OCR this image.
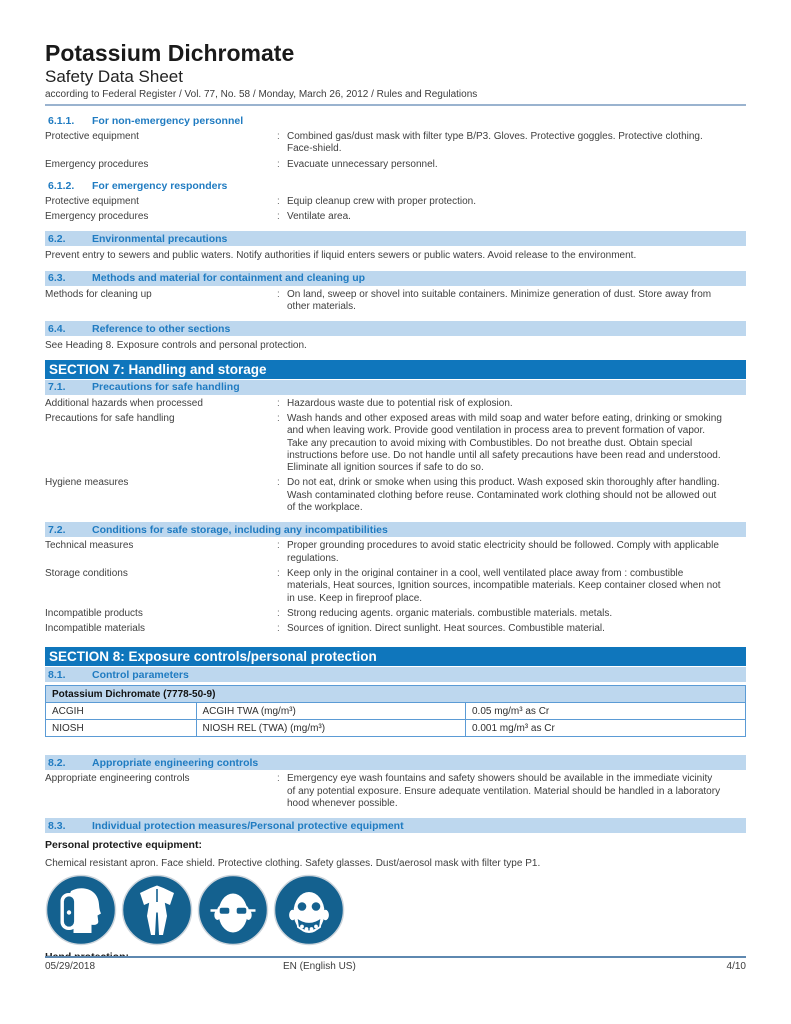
Potassium Dichromate
Safety Data Sheet
according to Federal Register / Vol. 77, No. 58 / Monday, March 26, 2012 / Rules and Regulations
6.1.1.	For non-emergency personnel
Protective equipment :	Combined gas/dust mask with filter type B/P3. Gloves. Protective goggles. Protective clothing. Face-shield.
Emergency procedures :	Evacuate unnecessary personnel.
6.1.2.	For emergency responders
Protective equipment :	Equip cleanup crew with proper protection.
Emergency procedures :	Ventilate area.
6.2.	Environmental precautions
Prevent entry to sewers and public waters. Notify authorities if liquid enters sewers or public waters. Avoid release to the environment.
6.3.	Methods and material for containment and cleaning up
Methods for cleaning up :	On land, sweep or shovel into suitable containers. Minimize generation of dust. Store away from other materials.
6.4.	Reference to other sections
See Heading 8. Exposure controls and personal protection.
SECTION 7: Handling and storage
7.1.	Precautions for safe handling
Additional hazards when processed :	Hazardous waste due to potential risk of explosion.
Precautions for safe handling :	Wash hands and other exposed areas with mild soap and water before eating, drinking or smoking and when leaving work. Provide good ventilation in process area to prevent formation of vapor. Take any precaution to avoid mixing with Combustibles. Do not breathe dust. Obtain special instructions before use. Do not handle until all safety precautions have been read and understood. Eliminate all ignition sources if safe to do so.
Hygiene measures :	Do not eat, drink or smoke when using this product. Wash exposed skin thoroughly after handling. Wash contaminated clothing before reuse. Contaminated work clothing should not be allowed out of the workplace.
7.2.	Conditions for safe storage, including any incompatibilities
Technical measures :	Proper grounding procedures to avoid static electricity should be followed. Comply with applicable regulations.
Storage conditions :	Keep only in the original container in a cool, well ventilated place away from : combustible materials, Heat sources, Ignition sources, incompatible materials. Keep container closed when not in use. Keep in fireproof place.
Incompatible products :	Strong reducing agents. organic materials. combustible materials. metals.
Incompatible materials :	Sources of ignition. Direct sunlight. Heat sources. Combustible material.
SECTION 8: Exposure controls/personal protection
8.1.	Control parameters
Potassium Dichromate (7778-50-9)		
ACGIH	ACGIH TWA (mg/m³)	0.05 mg/m³ as Cr
NIOSH	NIOSH REL (TWA) (mg/m³)	0.001 mg/m³ as Cr
8.2.	Appropriate engineering controls
Appropriate engineering controls :	Emergency eye wash fountains and safety showers should be available in the immediate vicinity of any potential exposure. Ensure adequate ventilation. Material should be handled in a laboratory hood whenever possible.
8.3.	Individual protection measures/Personal protective equipment
Personal protective equipment:
Chemical resistant apron. Face shield. Protective clothing. Safety glasses. Dust/aerosol mask with filter type P1.
05/29/2018	EN (English US)	4/10
